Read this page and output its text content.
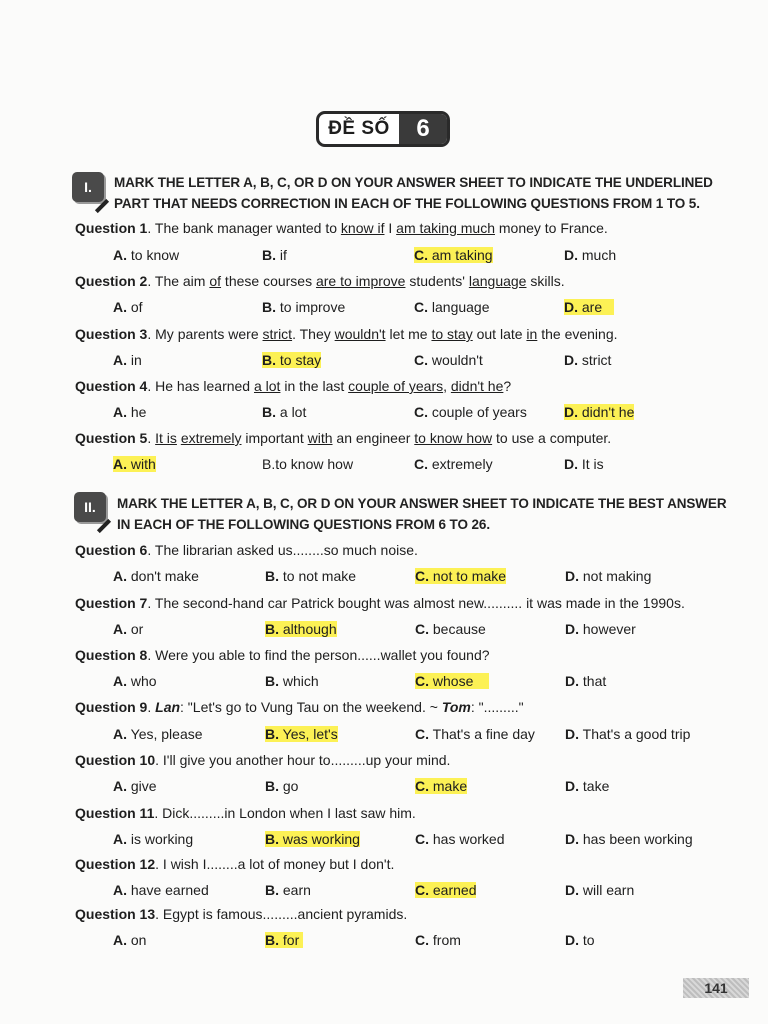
ĐỀ SỐ	6
I. MARK THE LETTER A, B, C, OR D ON YOUR ANSWER SHEET TO INDICATE THE UNDERLINED
PART THAT NEEDS CORRECTION IN EACH OF THE FOLLOWING QUESTIONS FROM 1 TO 5.
Question 1. The bank manager wanted to know if I am taking much money to France.
A. to know	B. if	C. am taking	D. much
Question 2. The aim of these courses are to improve students' language skills.
A. of	B. to improve	C. language	D. are
Question 3. My parents were strict. They wouldn't let me to stay out late in the evening.
A. in	B. to stay	C. wouldn't	D. strict
Question 4. He has learned a lot in the last couple of years, didn't he?
A. he	B. a lot	C. couple of years	D. didn't he
Question 5. It is extremely important with an engineer to know how to use a computer.
A. with	B.to know how	C. extremely	D. It is
II. MARK THE LETTER A, B, C, OR D ON YOUR ANSWER SHEET TO INDICATE THE BEST ANSWER
IN EACH OF THE FOLLOWING QUESTIONS FROM 6 TO 26.
Question 6. The librarian asked us........so much noise.
A. don't make	B. to not make	C. not to make	D. not making
Question 7. The second-hand car Patrick bought was almost new.......... it was made in the 1990s.
A. or	B. although	C. because	D. however
Question 8. Were you able to find the person......wallet you found?
A. who	B. which	C. whose	D. that
Question 9. Lan: "Let's go to Vung Tau on the weekend. ~ Tom: "........."
A. Yes, please	B. Yes, let's	C. That's a fine day D. That's a good trip
Question 10. I'll give you another hour to.........up your mind.
A. give	B. go	C. make	D. take
Question 11. Dick.........in London when I last saw him.
A. is working	B. was working	C. has worked	D. has been working
Question 12. I wish I........a lot of money but I don't.
A. have earned	B. earn	C. earned	D. will earn
Question 13. Egypt is famous.........ancient pyramids.
A. on	B. for	C. from	D. to
141
